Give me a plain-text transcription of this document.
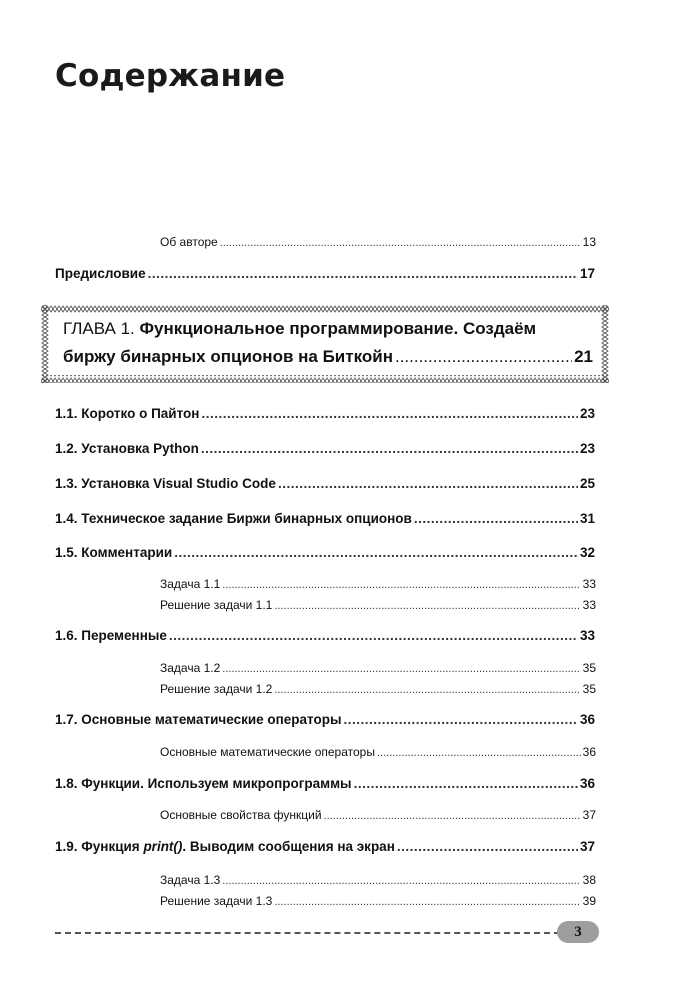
Содержание
Об авторе .....	13
Предисловие .....	17
ГЛАВА 1. Функциональное программирование. Создаём
биржу бинарных опционов на Биткойн .....	21
1.1. Коротко о Пайтон .....	23
1.2. Установка Python .....	23
1.3. Установка Visual Studio Code .....	25
1.4. Техническое задание Биржи бинарных опционов .....	31
1.5. Комментарии .....	32
Задача 1.1 .....	33
Решение задачи 1.1 .....	33
1.6. Переменные .....	33
Задача 1.2 .....	35
Решение задачи 1.2 .....	35
1.7. Основные математические операторы .....	36
Основные математические операторы .....	36
1.8. Функции. Используем микропрограммы .....	36
Основные свойства функций .....	37
1.9. Функция print(). Выводим сообщения на экран .....	37
Задача 1.3 .....	38
Решение задачи 1.3 .....	39
3
